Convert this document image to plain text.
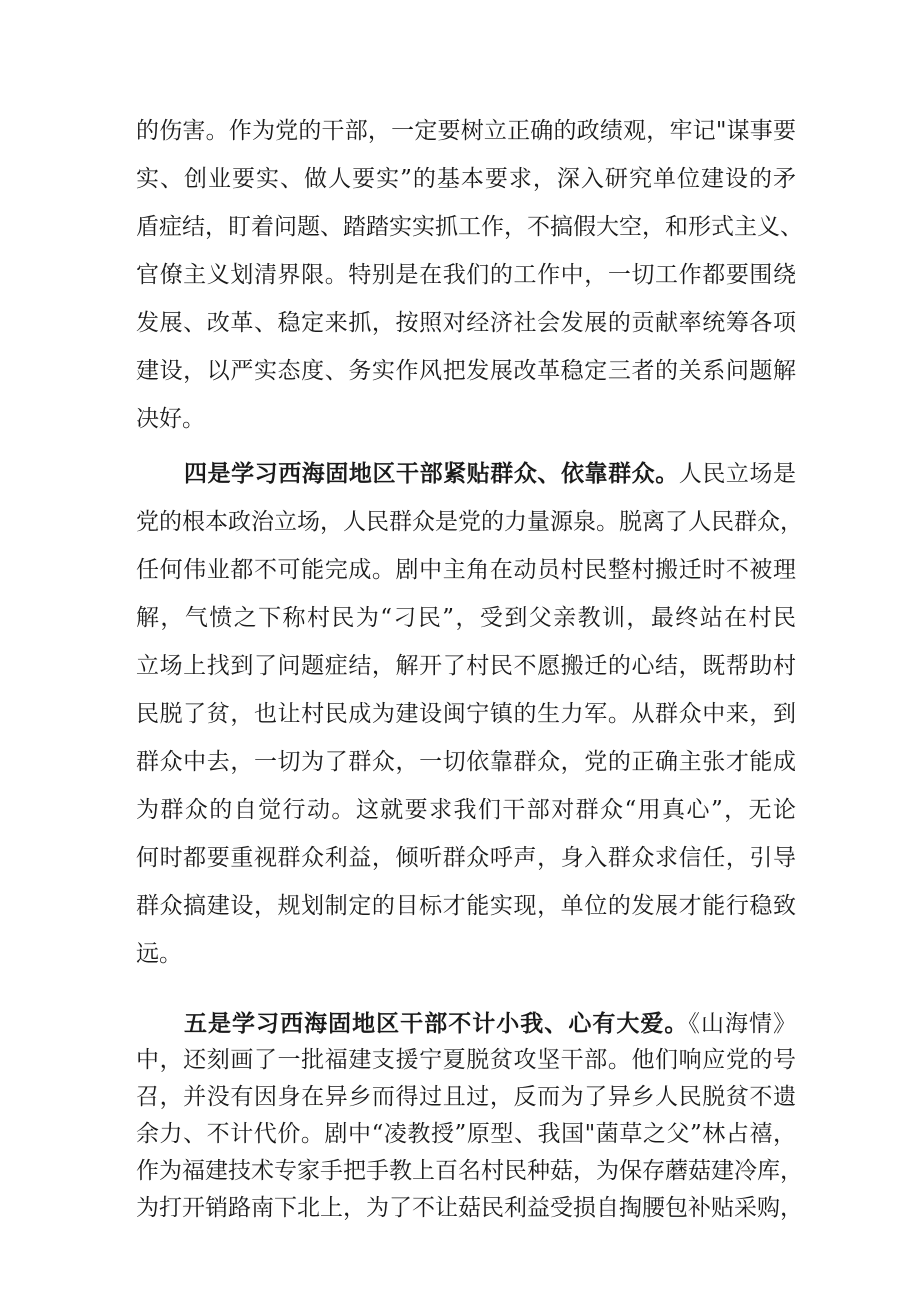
的伤害。作为党的干部，一定要树立正确的政绩观，牢记"谋事要
实、创业要实、做人要实”的基本要求，深入研究单位建设的矛
盾症结，盯着问题、踏踏实实抓工作，不搞假大空，和形式主义、
官僚主义划清界限。特别是在我们的工作中，一切工作都要围绕
发展、改革、稳定来抓，按照对经济社会发展的贡献率统筹各项
建设，以严实态度、务实作风把发展改革稳定三者的关系问题解
决好。
四是学习西海固地区干部紧贴群众、依靠群众。人民立场是
党的根本政治立场，人民群众是党的力量源泉。脱离了人民群众，
任何伟业都不可能完成。剧中主角在动员村民整村搬迁时不被理
解，气愤之下称村民为“刁民”，受到父亲教训，最终站在村民
立场上找到了问题症结，解开了村民不愿搬迁的心结，既帮助村
民脱了贫，也让村民成为建设闽宁镇的生力军。从群众中来，到
群众中去，一切为了群众，一切依靠群众，党的正确主张才能成
为群众的自觉行动。这就要求我们干部对群众“用真心”，无论
何时都要重视群众利益，倾听群众呼声，身入群众求信任，引导
群众搞建设，规划制定的目标才能实现，单位的发展才能行稳致
远。
五是学习西海固地区干部不计小我、心有大爱。《山海情》
中，还刻画了一批福建支援宁夏脱贫攻坚干部。他们响应党的号
召，并没有因身在异乡而得过且过，反而为了异乡人民脱贫不遗
余力、不计代价。剧中“凌教授”原型、我国"菌草之父”林占禧，
作为福建技术专家手把手教上百名村民种菇，为保存蘑菇建冷库，
为打开销路南下北上，为了不让菇民利益受损自掏腰包补贴采购，
